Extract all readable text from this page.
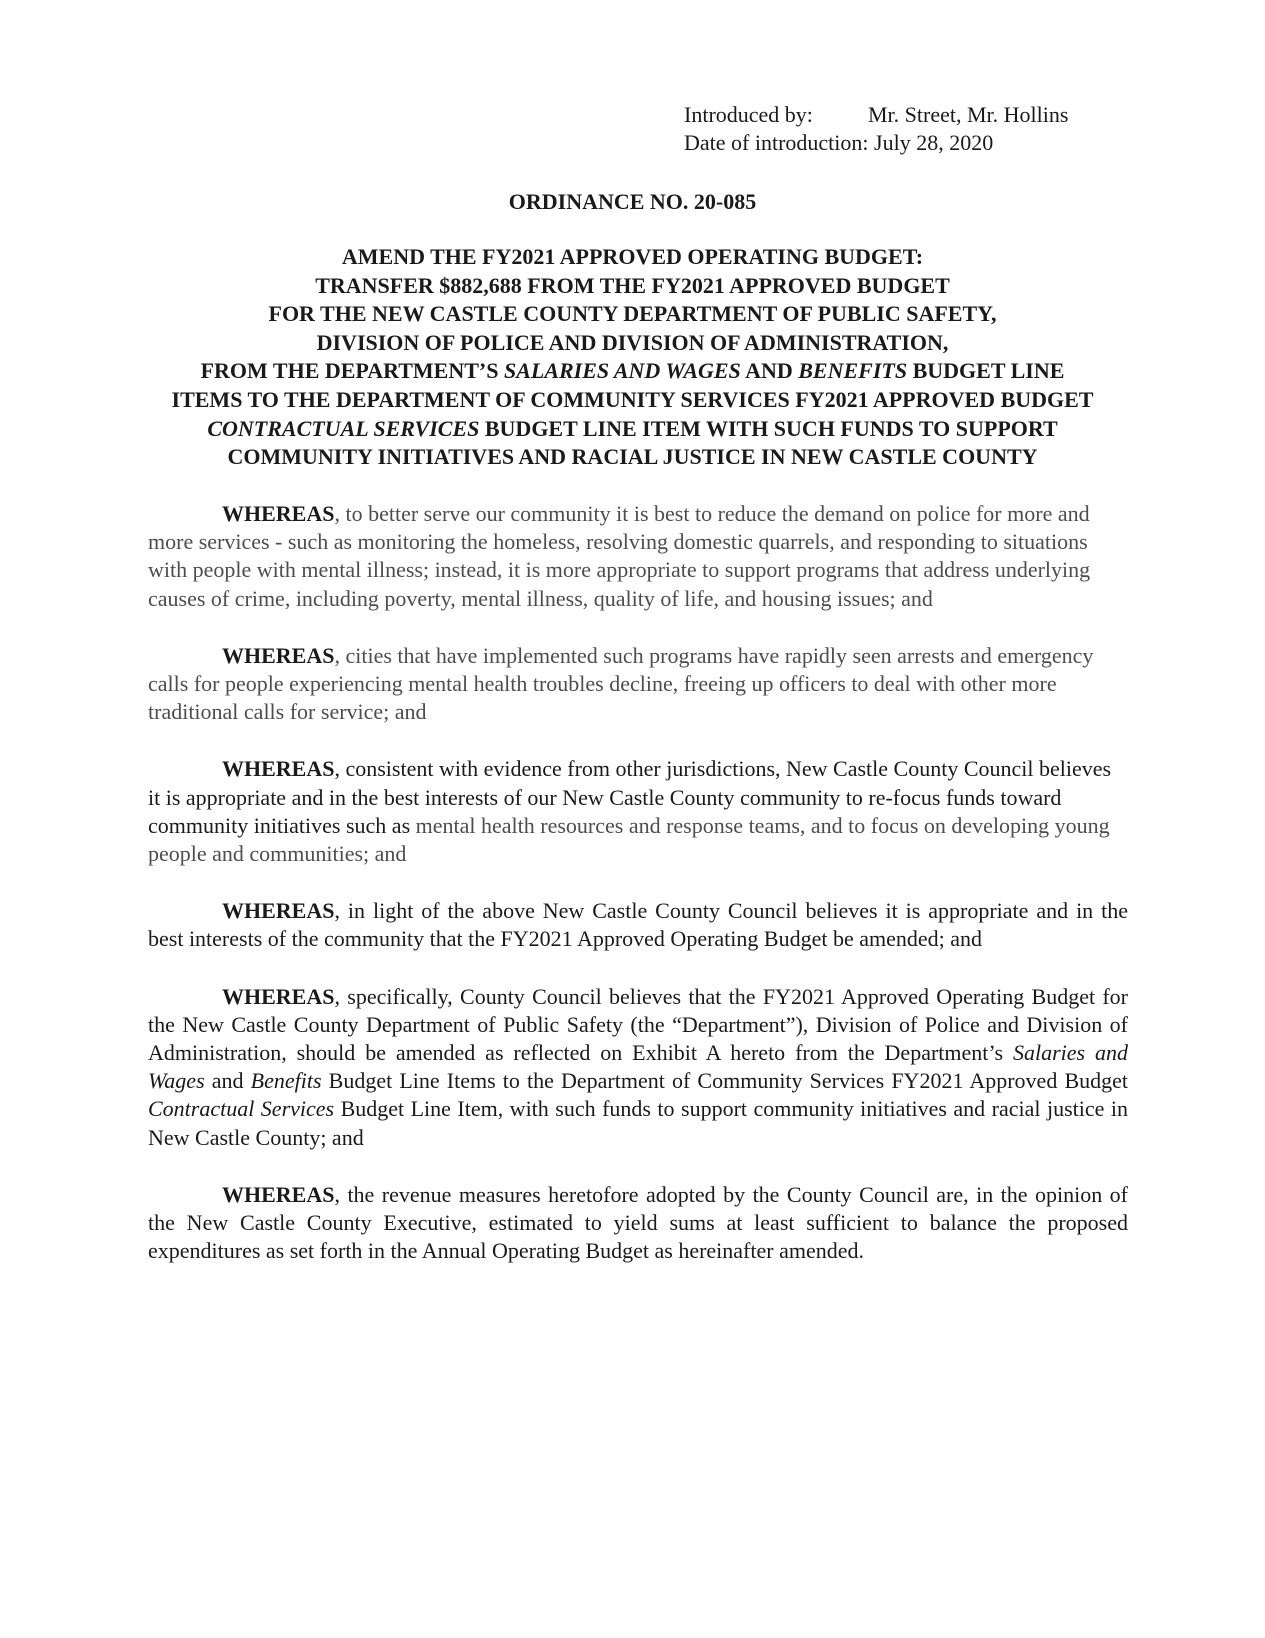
Introduced by:	Mr. Street, Mr. Hollins
Date of introduction: July 28, 2020
ORDINANCE NO. 20-085
AMEND THE FY2021 APPROVED OPERATING BUDGET:
TRANSFER $882,688 FROM THE FY2021 APPROVED BUDGET
FOR THE NEW CASTLE COUNTY DEPARTMENT OF PUBLIC SAFETY,
DIVISION OF POLICE AND DIVISION OF ADMINISTRATION,
FROM THE DEPARTMENT’S SALARIES AND WAGES AND BENEFITS BUDGET LINE
ITEMS TO THE DEPARTMENT OF COMMUNITY SERVICES FY2021 APPROVED BUDGET
CONTRACTUAL SERVICES BUDGET LINE ITEM WITH SUCH FUNDS TO SUPPORT
COMMUNITY INITIATIVES AND RACIAL JUSTICE IN NEW CASTLE COUNTY

WHEREAS, to better serve our community it is best to reduce the demand on police for more and more services - such as monitoring the homeless, resolving domestic quarrels, and responding to situations with people with mental illness; instead, it is more appropriate to support programs that address underlying causes of crime, including poverty, mental illness, quality of life, and housing issues; and

WHEREAS, cities that have implemented such programs have rapidly seen arrests and emergency calls for people experiencing mental health troubles decline, freeing up officers to deal with other more traditional calls for service; and

WHEREAS, consistent with evidence from other jurisdictions, New Castle County Council believes it is appropriate and in the best interests of our New Castle County community to re-focus funds toward community initiatives such as mental health resources and response teams, and to focus on developing young people and communities; and

WHEREAS, in light of the above New Castle County Council believes it is appropriate and in the best interests of the community that the FY2021 Approved Operating Budget be amended; and

WHEREAS, specifically, County Council believes that the FY2021 Approved Operating Budget for the New Castle County Department of Public Safety (the “Department”), Division of Police and Division of Administration, should be amended as reflected on Exhibit A hereto from the Department’s Salaries and Wages and Benefits Budget Line Items to the Department of Community Services FY2021 Approved Budget Contractual Services Budget Line Item, with such funds to support community initiatives and racial justice in New Castle County; and

WHEREAS, the revenue measures heretofore adopted by the County Council are, in the opinion of the New Castle County Executive, estimated to yield sums at least sufficient to balance the proposed expenditures as set forth in the Annual Operating Budget as hereinafter amended.
